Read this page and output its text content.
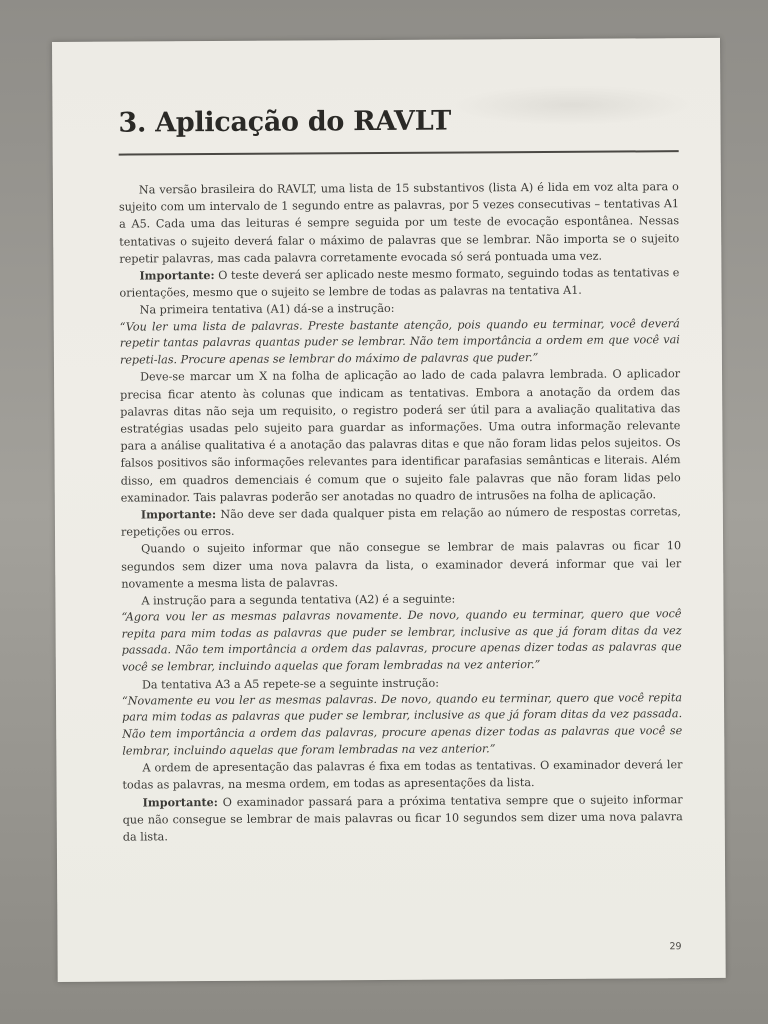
3. Aplicação do RAVLT

Na versão brasileira do RAVLT, uma lista de 15 substantivos (lista A) é lida em voz alta para o sujeito com um intervalo de 1 segundo entre as palavras, por 5 vezes consecutivas – tentativas A1 a A5. Cada uma das leituras é sempre seguida por um teste de evocação espontânea. Nessas tentativas o sujeito deverá falar o máximo de palavras que se lembrar. Não importa se o sujeito repetir palavras, mas cada palavra corretamente evocada só será pontuada uma vez.

Importante: O teste deverá ser aplicado neste mesmo formato, seguindo todas as tentativas e orientações, mesmo que o sujeito se lembre de todas as palavras na tentativa A1.

Na primeira tentativa (A1) dá-se a instrução:

“Vou ler uma lista de palavras. Preste bastante atenção, pois quando eu terminar, você deverá repetir tantas palavras quantas puder se lembrar. Não tem importância a ordem em que você vai repeti-las. Procure apenas se lembrar do máximo de palavras que puder.”

Deve-se marcar um X na folha de aplicação ao lado de cada palavra lembrada. O aplicador precisa ficar atento às colunas que indicam as tentativas. Embora a anotação da ordem das palavras ditas não seja um requisito, o registro poderá ser útil para a avaliação qualitativa das estratégias usadas pelo sujeito para guardar as informações. Uma outra informação relevante para a análise qualitativa é a anotação das palavras ditas e que não foram lidas pelos sujeitos. Os falsos positivos são informações relevantes para identificar parafasias semânticas e literais. Além disso, em quadros demenciais é comum que o sujeito fale palavras que não foram lidas pelo examinador. Tais palavras poderão ser anotadas no quadro de intrusões na folha de aplicação.

Importante: Não deve ser dada qualquer pista em relação ao número de respostas corretas, repetições ou erros.

Quando o sujeito informar que não consegue se lembrar de mais palavras ou ficar 10 segundos sem dizer uma nova palavra da lista, o examinador deverá informar que vai ler novamente a mesma lista de palavras.

A instrução para a segunda tentativa (A2) é a seguinte:

“Agora vou ler as mesmas palavras novamente. De novo, quando eu terminar, quero que você repita para mim todas as palavras que puder se lembrar, inclusive as que já foram ditas da vez passada. Não tem importância a ordem das palavras, procure apenas dizer todas as palavras que você se lembrar, incluindo aquelas que foram lembradas na vez anterior.”

Da tentativa A3 a A5 repete-se a seguinte instrução:

“Novamente eu vou ler as mesmas palavras. De novo, quando eu terminar, quero que você repita para mim todas as palavras que puder se lembrar, inclusive as que já foram ditas da vez passada. Não tem importância a ordem das palavras, procure apenas dizer todas as palavras que você se lembrar, incluindo aquelas que foram lembradas na vez anterior.”

A ordem de apresentação das palavras é fixa em todas as tentativas. O examinador deverá ler todas as palavras, na mesma ordem, em todas as apresentações da lista.

Importante: O examinador passará para a próxima tentativa sempre que o sujeito informar que não consegue se lembrar de mais palavras ou ficar 10 segundos sem dizer uma nova palavra da lista.

29
